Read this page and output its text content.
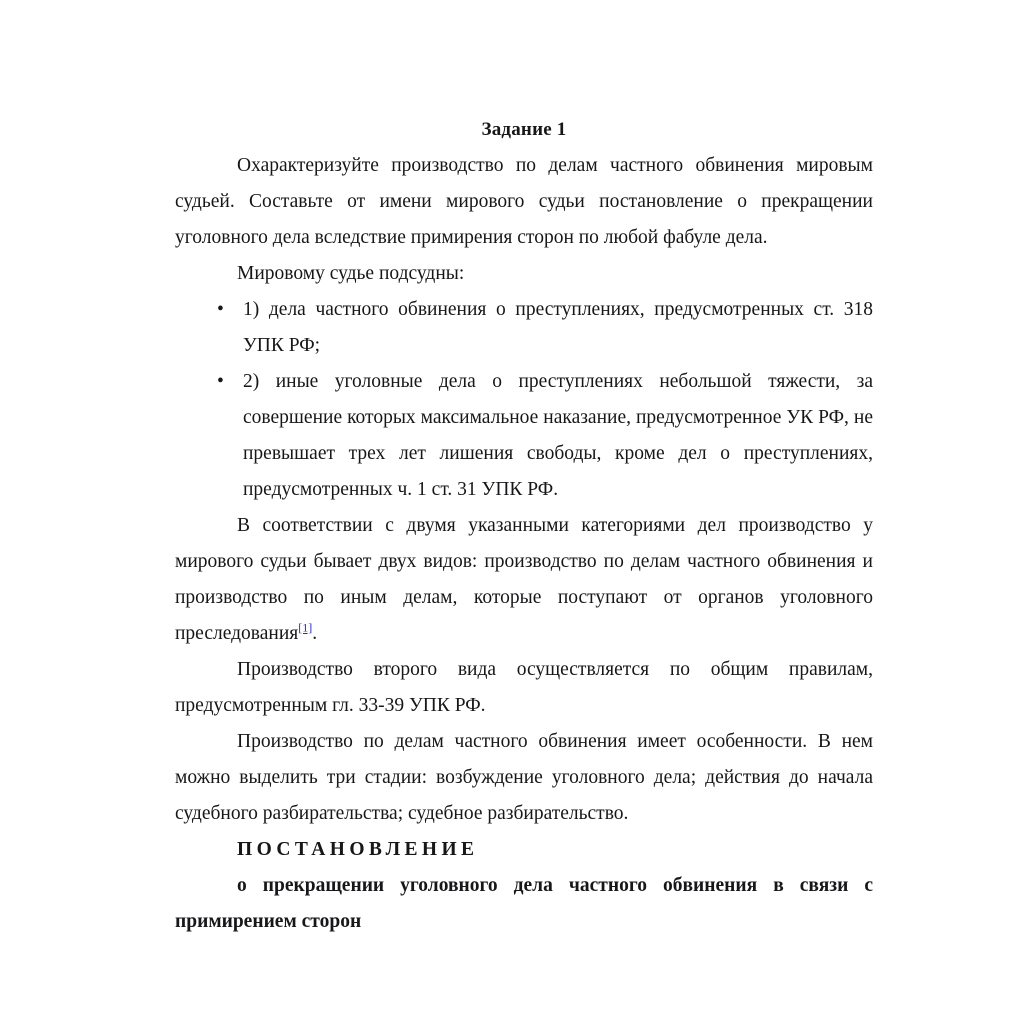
Задание 1

Охарактеризуйте производство по делам частного обвинения мировым судьей. Составьте от имени мирового судьи постановление о прекращении уголовного дела вследствие примирения сторон по любой фабуле дела.

Мировому судье подсудны:

• 1) дела частного обвинения о преступлениях, предусмотренных ст. 318 УПК РФ;
• 2) иные уголовные дела о преступлениях небольшой тяжести, за совершение которых максимальное наказание, предусмотренное УК РФ, не превышает трех лет лишения свободы, кроме дел о преступлениях, предусмотренных ч. 1 ст. 31 УПК РФ.

В соответствии с двумя указанными категориями дел производство у мирового судьи бывает двух видов: производство по делам частного обвинения и производство по иным делам, которые поступают от органов уголовного преследования[1].

Производство второго вида осуществляется по общим правилам, предусмотренным гл. 33-39 УПК РФ.

Производство по делам частного обвинения имеет особенности. В нем можно выделить три стадии: возбуждение уголовного дела; действия до начала судебного разбирательства; судебное разбирательство.

ПОСТАНОВЛЕНИЕ

о прекращении уголовного дела частного обвинения в связи с примирением сторон
